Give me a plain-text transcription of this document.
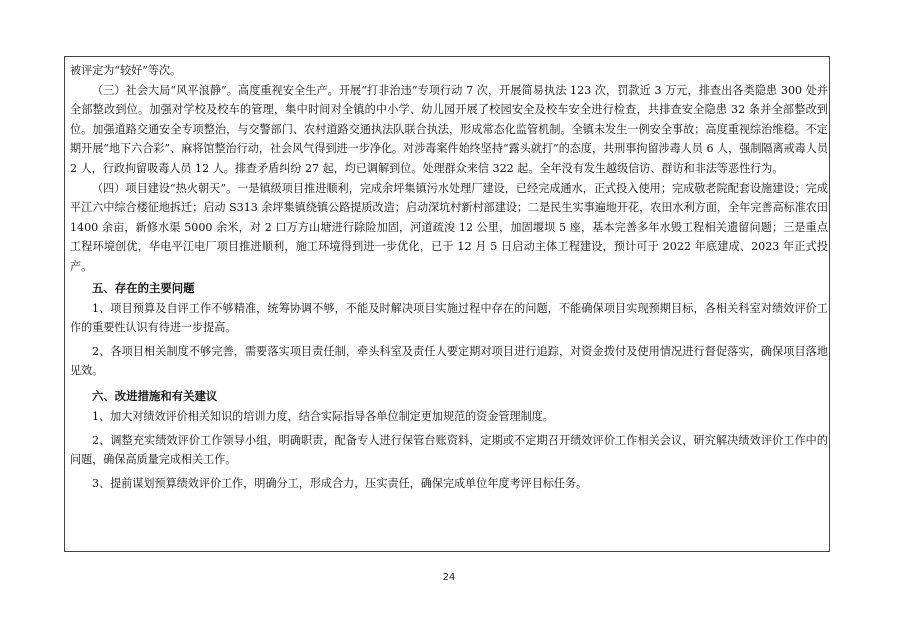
被评定为“较好”等次。

（三）社会大局“风平浪静”。高度重视安全生产。开展“打非治违”专项行动 7 次，开展简易执法 123 次，罚款近 3 万元，排查出各类隐患 300 处并全部整改到位。加强对学校及校车的管理，集中时间对全镇的中小学、幼儿园开展了校园安全及校车安全进行检查，共排查安全隐患 32 条并全部整改到位。加强道路交通安全专项整治，与交警部门、农村道路交通执法队联合执法，形成常态化监管机制。全镇未发生一例安全事故；高度重视综治维稳。不定期开展“地下六合彩”、麻将馆整治行动，社会风气得到进一步净化。对涉毒案件始终坚持“露头就打”的态度，共刑事拘留涉毒人员 6 人，强制隔离戒毒人员 2 人，行政拘留吸毒人员 12 人。排查矛盾纠纷 27 起，均已调解到位。处理群众来信 322 起。全年没有发生越级信访、群访和非法等恶性行为。

（四）项目建设“热火朝天”。一是镇级项目推进顺利，完成余坪集镇污水处理厂建设，已经完成通水，正式投入使用；完成敬老院配套设施建设；完成平江六中综合楼征地拆迁；启动 S313 余坪集镇绕镇公路提质改造；启动深坑村新村部建设；二是民生实事遍地开花，农田水利方面，全年完善高标准农田 1400 余亩，新修水渠 5000 余米，对 2 口万方山塘进行除险加固，河道疏浚 12 公里，加固堰坝 5 座，基本完善多年水毁工程相关遗留问题；三是重点工程环境创优，华电平江电厂项目推进顺利，施工环境得到进一步优化，已于 12 月 5 日启动主体工程建设，预计可于 2022 年底建成、2023 年正式投产。

五、存在的主要问题

1、项目预算及自评工作不够精准，统筹协调不够，不能及时解决项目实施过程中存在的问题，不能确保项目实现预期目标，各相关科室对绩效评价工作的重要性认识有待进一步提高。

2、各项目相关制度不够完善，需要落实项目责任制，牵头科室及责任人要定期对项目进行追踪，对资金拨付及使用情况进行督促落实，确保项目落地见效。

六、改进措施和有关建议

1、加大对绩效评价相关知识的培训力度，结合实际指导各单位制定更加规范的资金管理制度。

2、调整充实绩效评价工作领导小组，明确职责，配备专人进行保管台账资料，定期或不定期召开绩效评价工作相关会议，研究解决绩效评价工作中的问题，确保高质量完成相关工作。

3、提前谋划预算绩效评价工作，明确分工，形成合力，压实责任，确保完成单位年度考评目标任务。

24
